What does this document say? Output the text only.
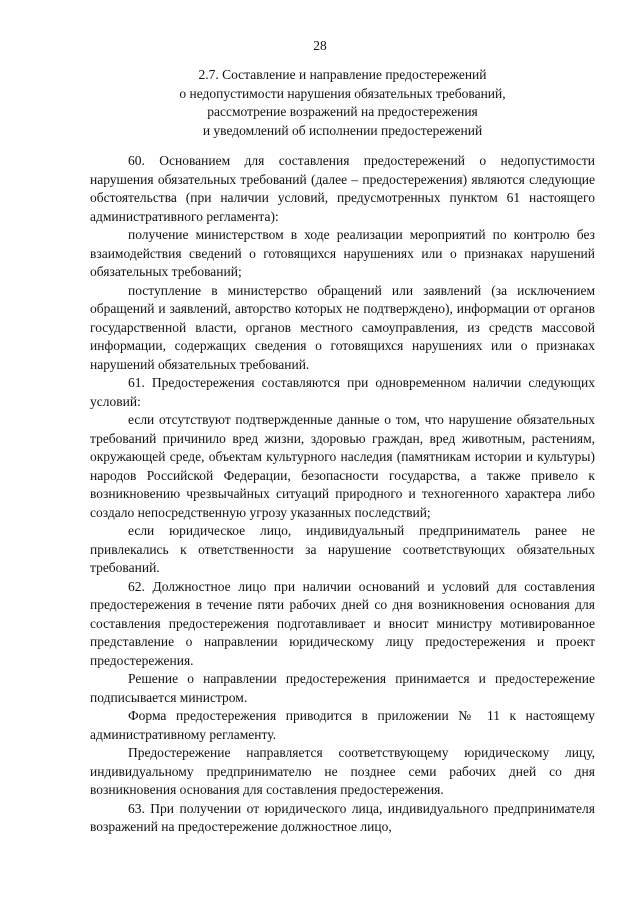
28
2.7. Составление и направление предостережений
о недопустимости нарушения обязательных требований,
рассмотрение возражений на предостережения
и уведомлений об исполнении предостережений

60. Основанием для составления предостережений о недопустимости нарушения обязательных требований (далее – предостережения) являются следующие обстоятельства (при наличии условий, предусмотренных пунктом 61 настоящего административного регламента):

получение министерством в ходе реализации мероприятий по контролю без взаимодействия сведений о готовящихся нарушениях или о признаках нарушений обязательных требований;

поступление в министерство обращений или заявлений (за исключением обращений и заявлений, авторство которых не подтверждено), информации от органов государственной власти, органов местного самоуправления, из средств массовой информации, содержащих сведения о готовящихся нарушениях или о признаках нарушений обязательных требований.

61. Предостережения составляются при одновременном наличии следующих условий:

если отсутствуют подтвержденные данные о том, что нарушение обязательных требований причинило вред жизни, здоровью граждан, вред животным, растениям, окружающей среде, объектам культурного наследия (памятникам истории и культуры) народов Российской Федерации, безопасности государства, а также привело к возникновению чрезвычайных ситуаций природного и техногенного характера либо создало непосредственную угрозу указанных последствий;

если юридическое лицо, индивидуальный предприниматель ранее не привлекались к ответственности за нарушение соответствующих обязательных требований.

62. Должностное лицо при наличии оснований и условий для составления предостережения в течение пяти рабочих дней со дня возникновения основания для составления предостережения подготавливает и вносит министру мотивированное представление о направлении юридическому лицу предостережения и проект предостережения.

Решение о направлении предостережения принимается и предостережение подписывается министром.

Форма предостережения приводится в приложении № 11 к настоящему административному регламенту.

Предостережение направляется соответствующему юридическому лицу, индивидуальному предпринимателю не позднее семи рабочих дней со дня возникновения основания для составления предостережения.

63. При получении от юридического лица, индивидуального предпринимателя возражений на предостережение должностное лицо,
